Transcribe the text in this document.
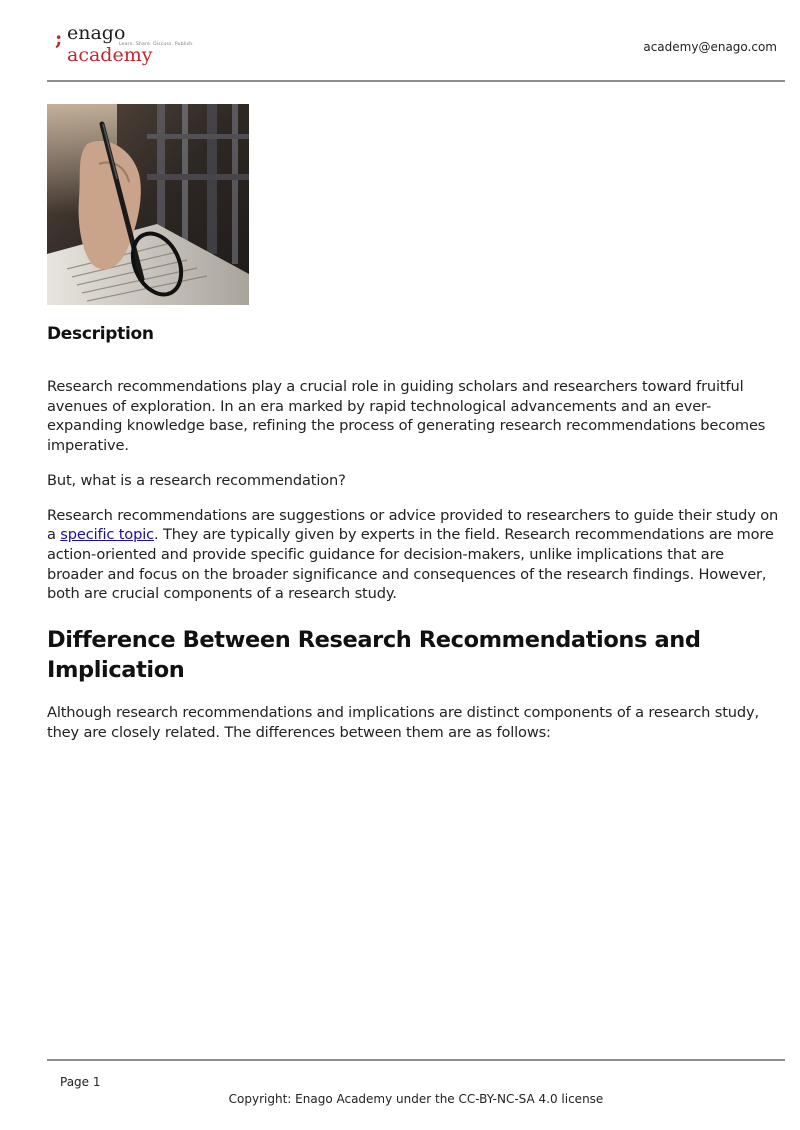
; enago academy
Learn. Share. Discuss. Publish.	academy@enago.com
Description

Research recommendations play a crucial role in guiding scholars and researchers toward fruitful avenues of exploration. In an era marked by rapid technological advancements and an ever-expanding knowledge base, refining the process of generating research recommendations becomes imperative.

But, what is a research recommendation?

Research recommendations are suggestions or advice provided to researchers to guide their study on a specific topic. They are typically given by experts in the field. Research recommendations are more action-oriented and provide specific guidance for decision-makers, unlike implications that are broader and focus on the broader significance and consequences of the research findings. However, both are crucial components of a research study.

Difference Between Research Recommendations and Implication

Although research recommendations and implications are distinct components of a research study, they are closely related. The differences between them are as follows:

Page 1
Copyright: Enago Academy under the CC-BY-NC-SA 4.0 license
